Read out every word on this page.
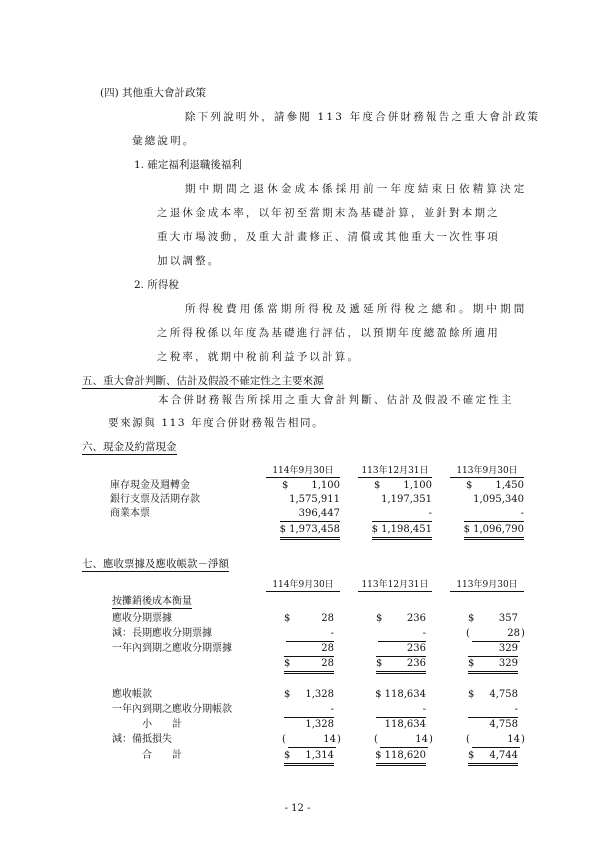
(四) 其他重大會計政策
除下列說明外，請參閱 113 年度合併財務報告之重大會計政策
彙總說明。
1. 確定福利退職後福利
期中期間之退休金成本係採用前一年度結束日依精算決定
之退休金成本率，以年初至當期末為基礎計算，並針對本期之
重大市場波動，及重大計畫修正、清償或其他重大一次性事項
加以調整。
2. 所得稅
所得稅費用係當期所得稅及遞延所得稅之總和。期中期間
之所得稅係以年度為基礎進行評估，以預期年度總盈餘所適用
之稅率，就期中稅前利益予以計算。
五、重大會計判斷、估計及假設不確定性之主要來源
本合併財務報告所採用之重大會計判斷、估計及假設不確定性主
要來源與 113 年度合併財務報告相同。
六、現金及約當現金
114年9月30日	113年12月31日	113年9月30日
庫存現金及週轉金	$	1,100	$	1,100	$	1,450
銀行支票及活期存款	1,575,911	1,197,351	1,095,340
商業本票	396,447	-	-
$ 1,973,458	$ 1,198,451	$ 1,096,790
七、應收票據及應收帳款－淨額
114年9月30日	113年12月31日	113年9月30日
按攤銷後成本衡量
應收分期票據	$	28	$	236	$	357
減：長期應收分期票據	-	-	(	28 )
一年內到期之應收分期票據	28	236	329
$	28	$	236	$	329
應收帳款	$	1,328	$ 118,634	$	4,758
一年內到期之應收分期帳款	-	-	-
小　　計	1,328	118,634	4,758
減：備抵損失	(	14 )	(	14 )	(	14 )
合　　計	$	1,314	$ 118,620	$	4,744
- 12 -
